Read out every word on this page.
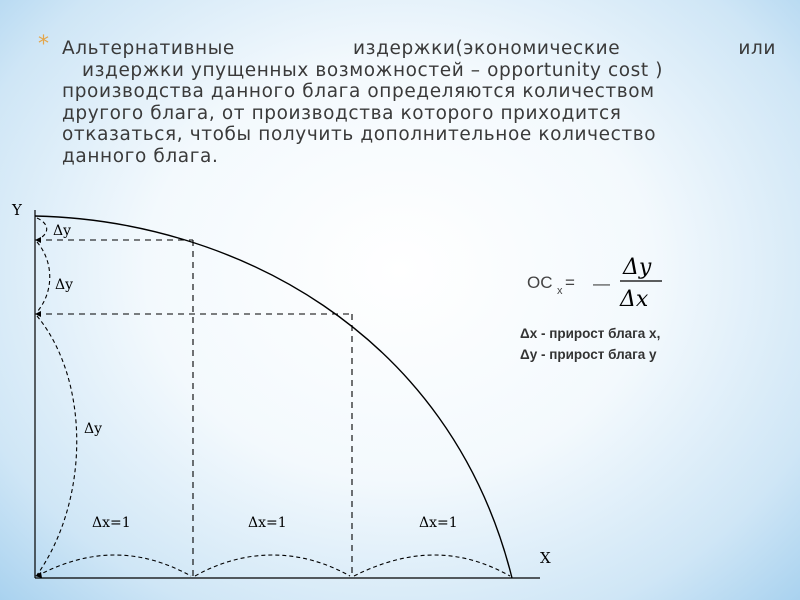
* Альтернативные издержки(экономические или
издержки упущенных возможностей – opportunity cost )
производства данного блага определяются количеством
другого блага, от производства которого приходится
отказаться, чтобы получить дополнительное количество
данного блага.
Y
X
Δy
Δy
Δy
Δx=1	Δx=1	Δx=1
OC x = —
Δy
Δx
Δx - прирост блага x,
Δy - прирост блага y
